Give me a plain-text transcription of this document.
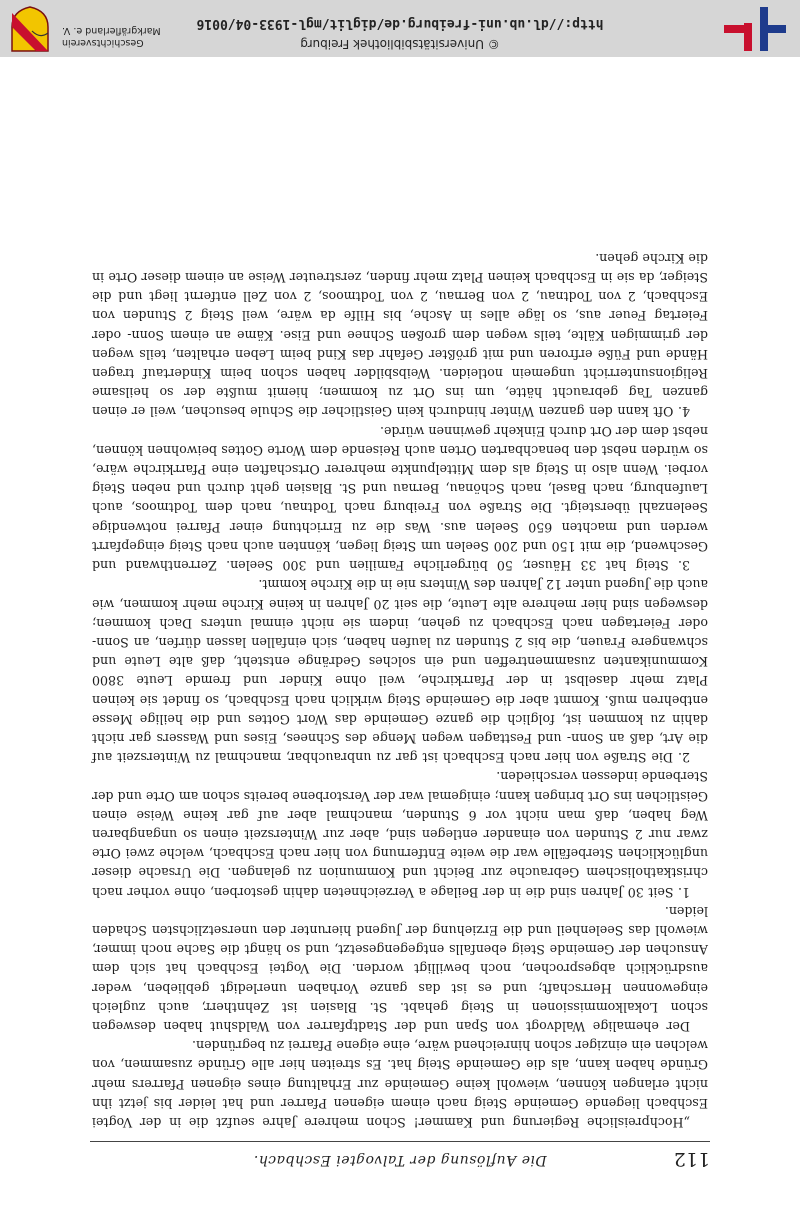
112
Die Auflösung der Talvogtei Eschbach.

„Hochpreisliche Regierung und Kammer! Schon mehrere Jahre seufzt die in der Vogtei Eschbach liegende Gemeinde Steig nach einem eigenen Pfarrer und hat leider bis jetzt ihn nicht erlangen können, wiewohl keine Gemeinde zur Erhaltung eines eigenen Pfarrers mehr Gründe haben kann, als die Gemeinde Steig hat. Es streiten hier alle Gründe zusammen, von welchen ein einziger schon hinreichend wäre, eine eigene Pfarrei zu begründen.

Der ehemalige Waldvogt von Span und der Stadtpfarrer von Waldshut haben deswegen schon Lokalkommissionen in Steig gehabt. St. Blasien ist Zehntherr, auch zugleich eingewonnen Herrschaft; und es ist das ganze Vorhaben unerledigt geblieben, weder ausdrücklich abgesprochen, noch bewilligt worden. Die Vogtei Eschbach hat sich dem Ansuchen der Gemeinde Steig ebenfalls entgegengesetzt, und so hängt die Sache noch immer, wiewohl das Seelenheil und die Erziehung der Jugend hierunter den unersetzlichsten Schaden leiden.

1. Seit 30 Jahren sind die in der Beilage a Verzeichneten dahin gestorben, ohne vorher nach christkatholischem Gebrauche zur Beicht und Kommunion zu gelangen. Die Ursache dieser unglücklichen Sterbefälle war die weite Entfernung von hier nach Eschbach, welche zwei Orte zwar nur 2 Stunden von einander entlegen sind, aber zur Winterszeit einen so ungangbaren Weg haben, daß man nicht vor 6 Stunden, manchmal aber auf gar keine Weise einen Geistlichen ins Ort bringen kann; einigemal war der Verstorbene bereits schon am Orte und der Sterbende indessen verschieden.

2. Die Straße von hier nach Eschbach ist gar zu unbrauchbar, manchmal zu Winterszeit auf die Art, daß an Sonn- und Festtagen wegen Menge des Schnees, Eises und Wassers gar nicht dahin zu kommen ist, folglich die ganze Gemeinde das Wort Gottes und die heilige Messe entbehren muß. Kommt aber die Gemeinde Steig wirklich nach Eschbach, so findet sie keinen Platz mehr daselbst in der Pfarrkirche, weil ohne Kinder und fremde Leute 3800 Kommunikanten zusammentreffen und ein solches Gedränge entsteht, daß alte Leute und schwangere Frauen, die bis 2 Stunden zu laufen haben, sich einfallen lassen dürfen, an Sonn- oder Feiertagen nach Eschbach zu gehen, indem sie nicht einmal unters Dach kommen; deswegen sind hier mehrere alte Leute, die seit 20 Jahren in keine Kirche mehr kommen, wie auch die Jugend unter 12 Jahren des Winters nie in die Kirche kommt.

3. Steig hat 33 Häuser, 50 bürgerliche Familien und 300 Seelen. Zerrenthwand und Geschwend, die mit 150 und 200 Seelen um Steig liegen, könnten auch nach Steig eingepfarrt werden und machten 650 Seelen aus. Was die zu Errichtung einer Pfarrei notwendige Seelenzahl übersteigt. Die Straße von Freiburg nach Todtnau, nach dem Todtmoos, auch Laufenburg, nach Basel, nach Schönau, Bernau und St. Blasien geht durch und neben Steig vorbei. Wenn also in Steig als dem Mittelpunkte mehrerer Ortschaften eine Pfarrkirche wäre, so würden nebst den benachbarten Orten auch Reisende dem Worte Gottes beiwohnen können, nebst dem der Ort durch Einkehr gewinnen würde.

4. Oft kann den ganzen Winter hindurch kein Geistlicher die Schule besuchen, weil er einen ganzen Tag gebraucht hätte, um ins Ort zu kommen; hiemit mußte der so heilsame Religionsunterricht ungemein notleiden. Weibsbilder haben schon beim Kindertauf tragen Hände und Füße erfroren und mit größter Gefahr das Kind beim Leben erhalten, teils wegen der grimmigen Kälte, teils wegen dem großen Schnee und Eise. Käme an einem Sonn- oder Feiertag Feuer aus, so läge alles in Asche, bis Hilfe da wäre, weil Steig 2 Stunden von Eschbach, 2 von Todtnau, 2 von Bernau, 2 von Todtmoos, 2 von Zell entfernt liegt und die Steiger, da sie in Eschbach keinen Platz mehr finden, zerstreuter Weise an einem dieser Orte in die Kirche gehen.

© Universitätsbibliothek Freiburg
http://dl.ub.uni-freiburg.de/diglit/mgl-1933-04/0016
Geschichtsverein
Markgräflerland e. V.
